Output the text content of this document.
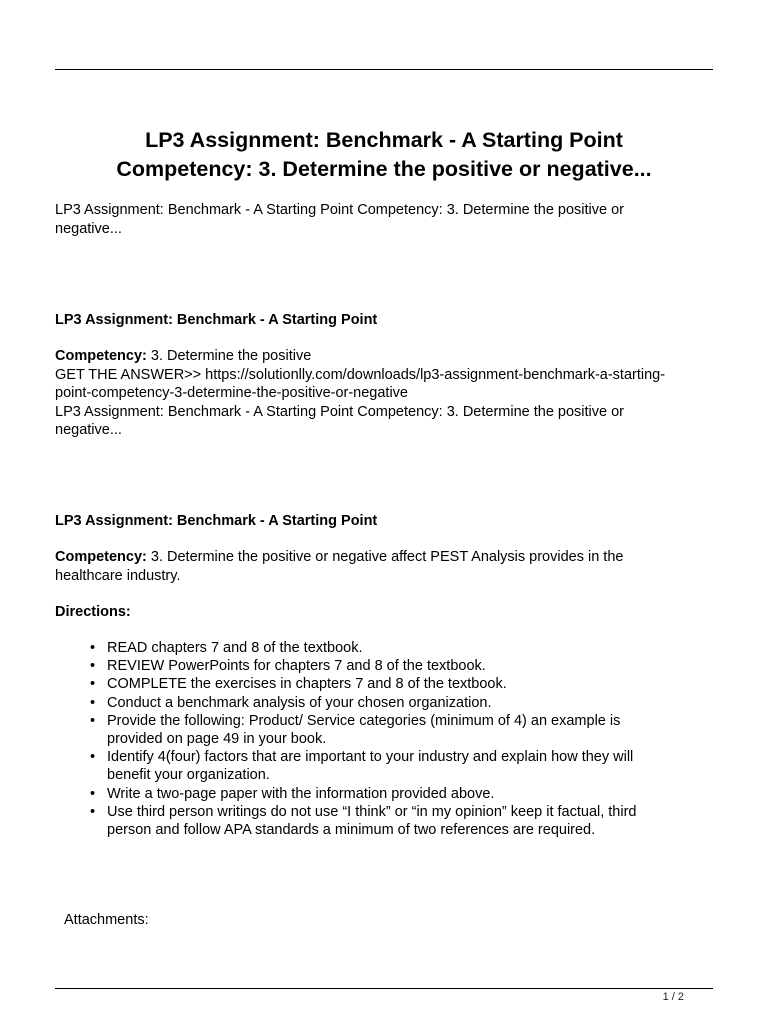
LP3 Assignment: Benchmark - A Starting Point
Competency: 3. Determine the positive or negative...

LP3 Assignment: Benchmark - A Starting Point Competency: 3. Determine the positive or

negative...

LP3 Assignment: Benchmark - A Starting Point

Competency: 3. Determine the positive

GET THE ANSWER>> https://solutionlly.com/downloads/lp3-assignment-benchmark-a-starting-

point-competency-3-determine-the-positive-or-negative

LP3 Assignment: Benchmark - A Starting Point Competency: 3. Determine the positive or

negative...

LP3 Assignment: Benchmark - A Starting Point

Competency: 3. Determine the positive or negative affect PEST Analysis provides in the

healthcare industry.

Directions:
• READ chapters 7 and 8 of the textbook.
• REVIEW PowerPoints for chapters 7 and 8 of the textbook.
• COMPLETE the exercises in chapters 7 and 8 of the textbook.
• Conduct a benchmark analysis of your chosen organization.
• Provide the following: Product/ Service categories (minimum of 4) an example is
provided on page 49 in your book.
• Identify 4(four) factors that are important to your industry and explain how they will
benefit your organization.
• Write a two-page paper with the information provided above.
• Use third person writings do not use “I think” or “in my opinion” keep it factual, third
person and follow APA standards a minimum of two references are required.
Attachments:
1 / 2
